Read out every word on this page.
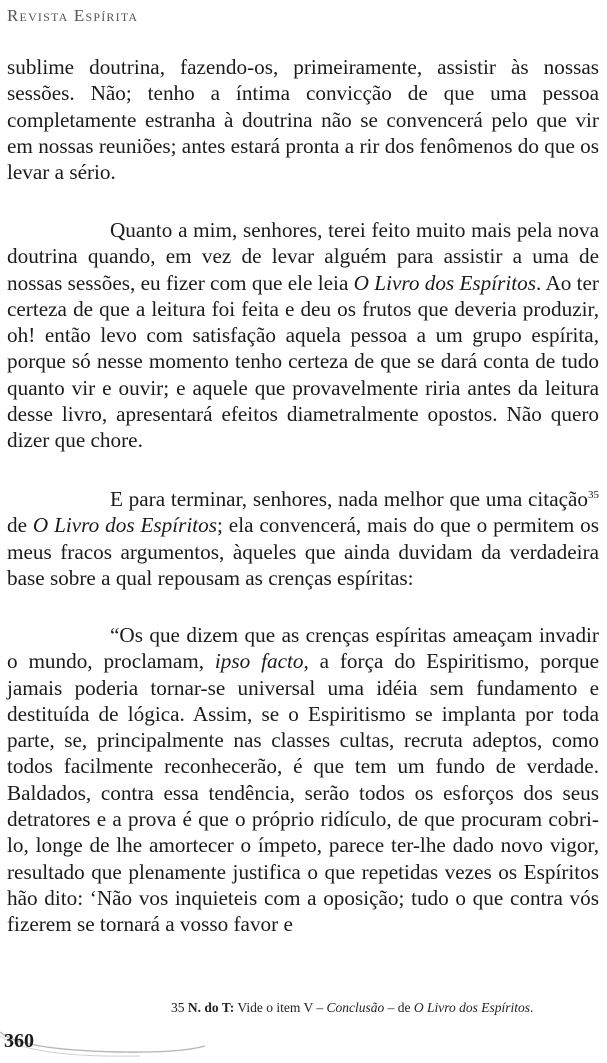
Revista Espírita
sublime doutrina, fazendo-os, primeiramente, assistir às nossas sessões. Não; tenho a íntima convicção de que uma pessoa completamente estranha à doutrina não se convencerá pelo que vir em nossas reuniões; antes estará pronta a rir dos fenômenos do que os levar a sério.
Quanto a mim, senhores, terei feito muito mais pela nova doutrina quando, em vez de levar alguém para assistir a uma de nossas sessões, eu fizer com que ele leia O Livro dos Espíritos. Ao ter certeza de que a leitura foi feita e deu os frutos que deveria produzir, oh! então levo com satisfação aquela pessoa a um grupo espírita, porque só nesse momento tenho certeza de que se dará conta de tudo quanto vir e ouvir; e aquele que provavelmente riria antes da leitura desse livro, apresentará efeitos diametralmente opostos. Não quero dizer que chore.
E para terminar, senhores, nada melhor que uma citação$^{35}$ de O Livro dos Espíritos; ela convencerá, mais do que o permitem os meus fracos argumentos, àqueles que ainda duvidam da verdadeira base sobre a qual repousam as crenças espíritas:
“Os que dizem que as crenças espíritas ameaçam invadir o mundo, proclamam, ipso facto, a força do Espiritismo, porque jamais poderia tornar-se universal uma idéia sem fundamento e destituída de lógica. Assim, se o Espiritismo se implanta por toda parte, se, principalmente nas classes cultas, recruta adeptos, como todos facilmente reconhecerão, é que tem um fundo de verdade. Baldados, contra essa tendência, serão todos os esforços dos seus detratores e a prova é que o próprio ridículo, de que procuram cobri-lo, longe de lhe amortecer o ímpeto, parece ter-lhe dado novo vigor, resultado que plenamente justifica o que repetidas vezes os Espíritos hão dito: ‘Não vos inquieteis com a oposição; tudo o que contra vós fizerem se tornará a vosso favor e
35 N. do T: Vide o item V – Conclusão – de O Livro dos Espíritos.
360
